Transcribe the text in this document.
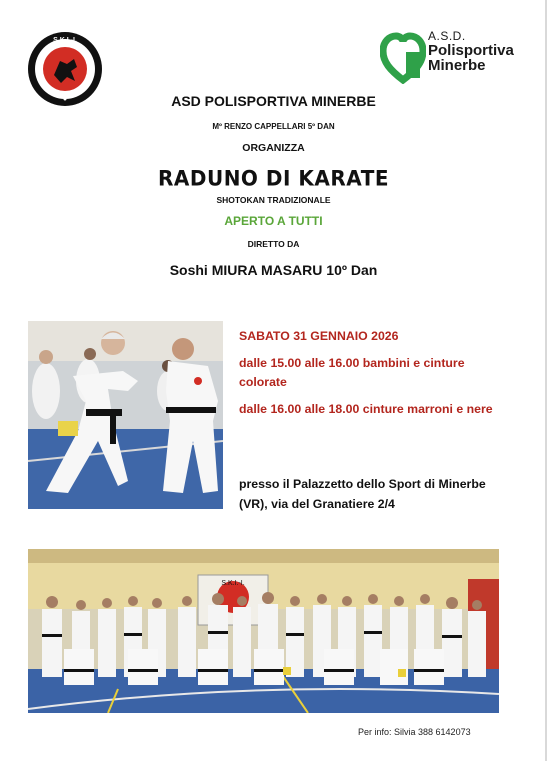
S.K.I.-I.	A.S.D.
Polisportiva
Minerbe
ASD POLISPORTIVA MINERBE
Mº RENZO CAPPELLARI 5º DAN
ORGANIZZA
RADUNO DI KARATE
SHOTOKAN TRADIZIONALE
APERTO A TUTTI
DIRETTO DA
Soshi MIURA MASARU 10º Dan
SABATO 31 GENNAIO 2026
dalle 15.00 alle 16.00 bambini e cinture colorate
dalle 16.00 alle 18.00 cinture marroni e nere
presso il Palazzetto dello Sport di Minerbe (VR), via del Granatiere 2/4
S.K.I.-I.
Per info: Silvia 388 6142073
